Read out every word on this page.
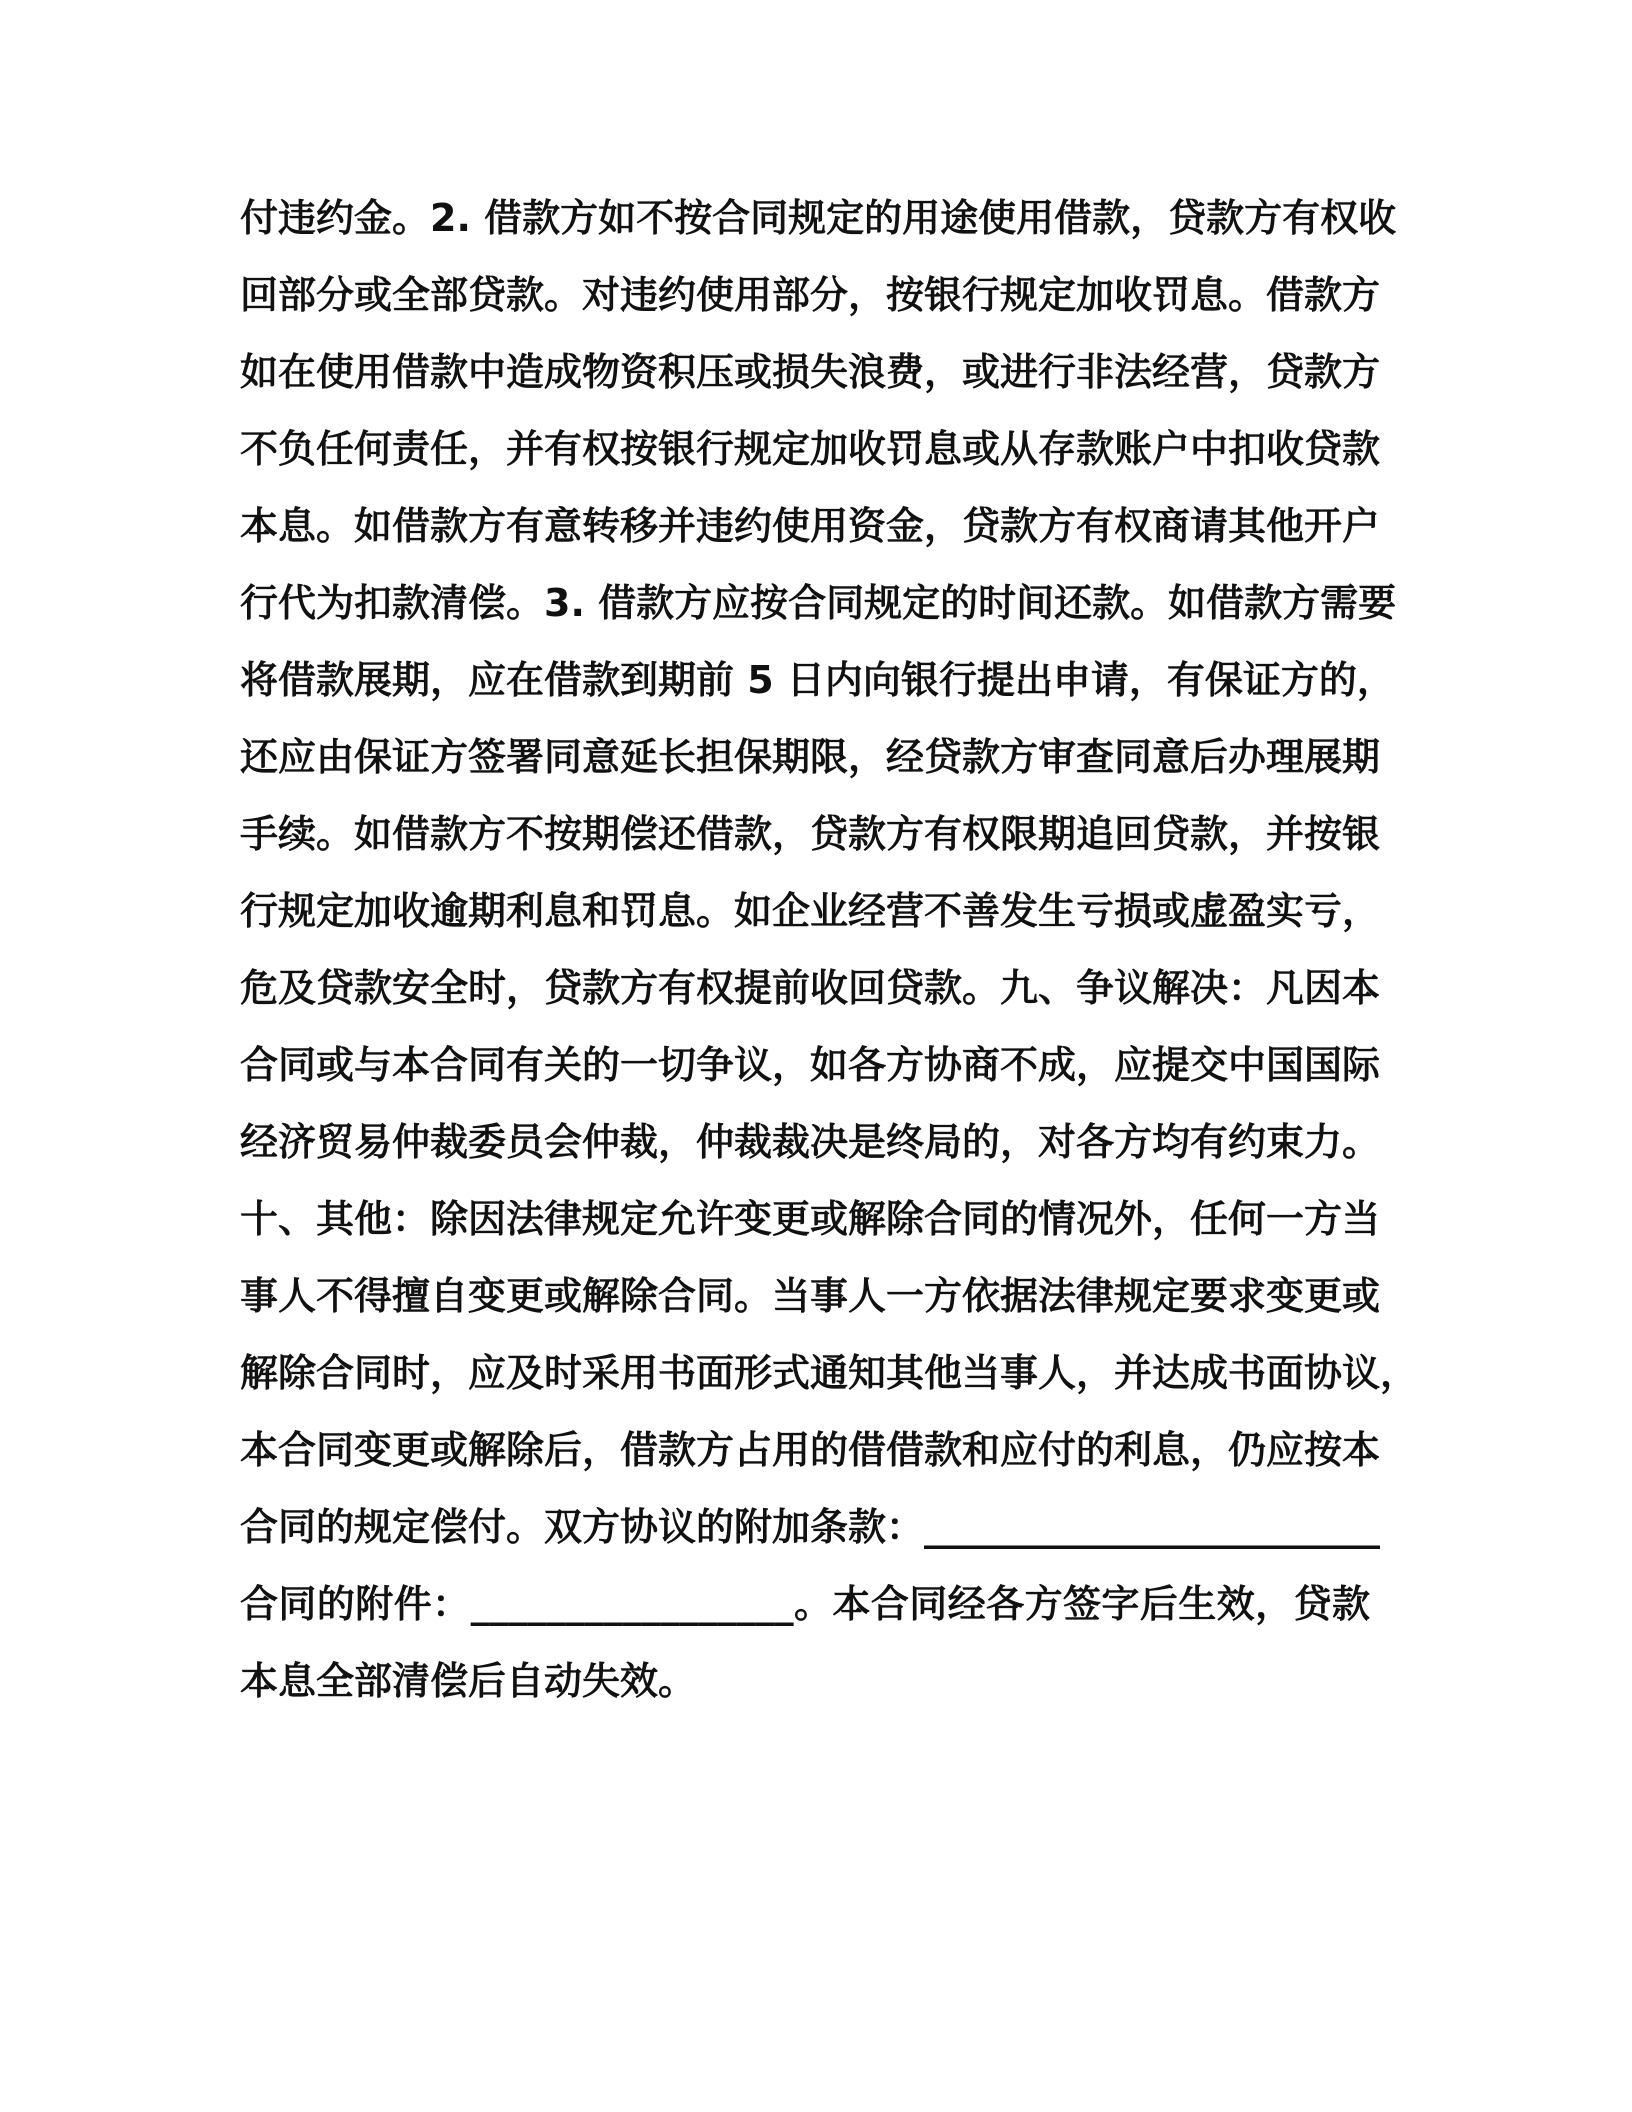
付违约金。2. 借款方如不按合同规定的用途使用借款，贷款方有权收
回部分或全部贷款。对违约使用部分，按银行规定加收罚息。借款方
如在使用借款中造成物资积压或损失浪费，或进行非法经营，贷款方
不负任何责任，并有权按银行规定加收罚息或从存款账户中扣收贷款
本息。如借款方有意转移并违约使用资金，贷款方有权商请其他开户
行代为扣款清偿。3. 借款方应按合同规定的时间还款。如借款方需要
将借款展期，应在借款到期前 5 日内向银行提出申请，有保证方的，
还应由保证方签署同意延长担保期限，经贷款方审查同意后办理展期
手续。如借款方不按期偿还借款，贷款方有权限期追回贷款，并按银
行规定加收逾期利息和罚息。如企业经营不善发生亏损或虚盈实亏，
危及贷款安全时，贷款方有权提前收回贷款。九、争议解决：凡因本
合同或与本合同有关的一切争议，如各方协商不成，应提交中国国际
经济贸易仲裁委员会仲裁，仲裁裁决是终局的，对各方均有约束力。
十、其他：除因法律规定允许变更或解除合同的情况外，任何一方当
事人不得擅自变更或解除合同。当事人一方依据法律规定要求变更或
解除合同时，应及时采用书面形式通知其他当事人，并达成书面协议，
本合同变更或解除后，借款方占用的借借款和应付的利息，仍应按本
合同的规定偿付。双方协议的附加条款：________________________
合同的附件：_________________。本合同经各方签字后生效，贷款
本息全部清偿后自动失效。
